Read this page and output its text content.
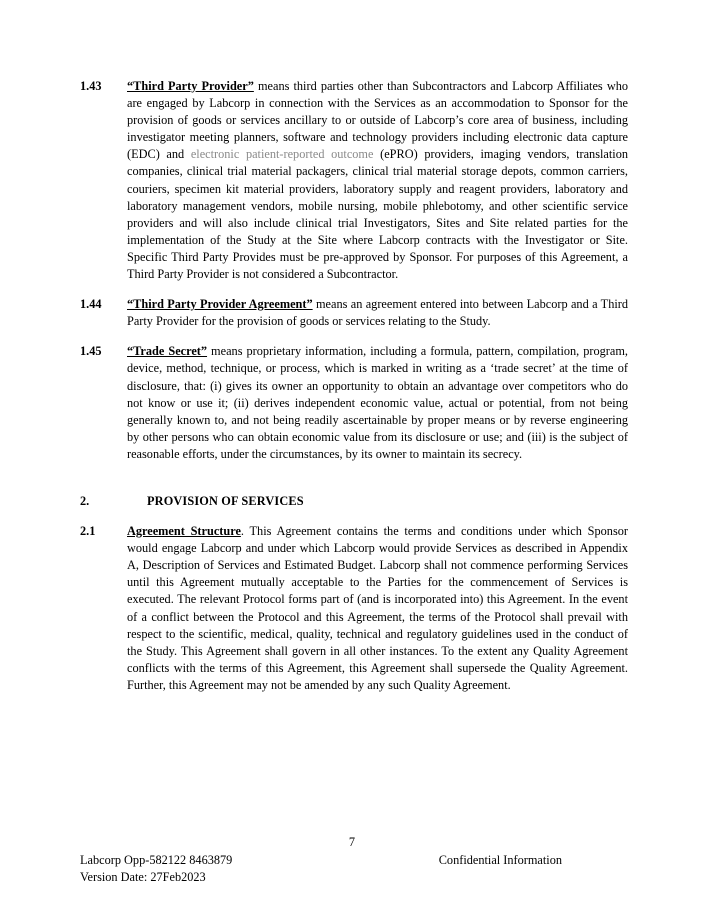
1.43	“Third Party Provider” means third parties other than Subcontractors and Labcorp Affiliates who are engaged by Labcorp in connection with the Services as an accommodation to Sponsor for the provision of goods or services ancillary to or outside of Labcorp’s core area of business, including investigator meeting planners, software and technology providers including electronic data capture (EDC) and electronic patient-reported outcome (ePRO) providers, imaging vendors, translation companies, clinical trial material packagers, clinical trial material storage depots, common carriers, couriers, specimen kit material providers, laboratory supply and reagent providers, laboratory and laboratory management vendors, mobile nursing, mobile phlebotomy, and other scientific service providers and will also include clinical trial Investigators, Sites and Site related parties for the implementation of the Study at the Site where Labcorp contracts with the Investigator or Site. Specific Third Party Provides must be pre-approved by Sponsor. For purposes of this Agreement, a Third Party Provider is not considered a Subcontractor.
1.44	“Third Party Provider Agreement” means an agreement entered into between Labcorp and a Third Party Provider for the provision of goods or services relating to the Study.
1.45	“Trade Secret” means proprietary information, including a formula, pattern, compilation, program, device, method, technique, or process, which is marked in writing as a ‘trade secret’ at the time of disclosure, that: (i) gives its owner an opportunity to obtain an advantage over competitors who do not know or use it; (ii) derives independent economic value, actual or potential, from not being generally known to, and not being readily ascertainable by proper means or by reverse engineering by other persons who can obtain economic value from its disclosure or use; and (iii) is the subject of reasonable efforts, under the circumstances, by its owner to maintain its secrecy.
2.	PROVISION OF SERVICES
2.1	Agreement Structure. This Agreement contains the terms and conditions under which Sponsor would engage Labcorp and under which Labcorp would provide Services as described in Appendix A, Description of Services and Estimated Budget. Labcorp shall not commence performing Services until this Agreement mutually acceptable to the Parties for the commencement of Services is executed. The relevant Protocol forms part of (and is incorporated into) this Agreement. In the event of a conflict between the Protocol and this Agreement, the terms of the Protocol shall prevail with respect to the scientific, medical, quality, technical and regulatory guidelines used in the conduct of the Study. This Agreement shall govern in all other instances. To the extent any Quality Agreement conflicts with the terms of this Agreement, this Agreement shall supersede the Quality Agreement. Further, this Agreement may not be amended by any such Quality Agreement.
7
Labcorp Opp-582122 8463879	Confidential Information
Version Date: 27Feb2023
